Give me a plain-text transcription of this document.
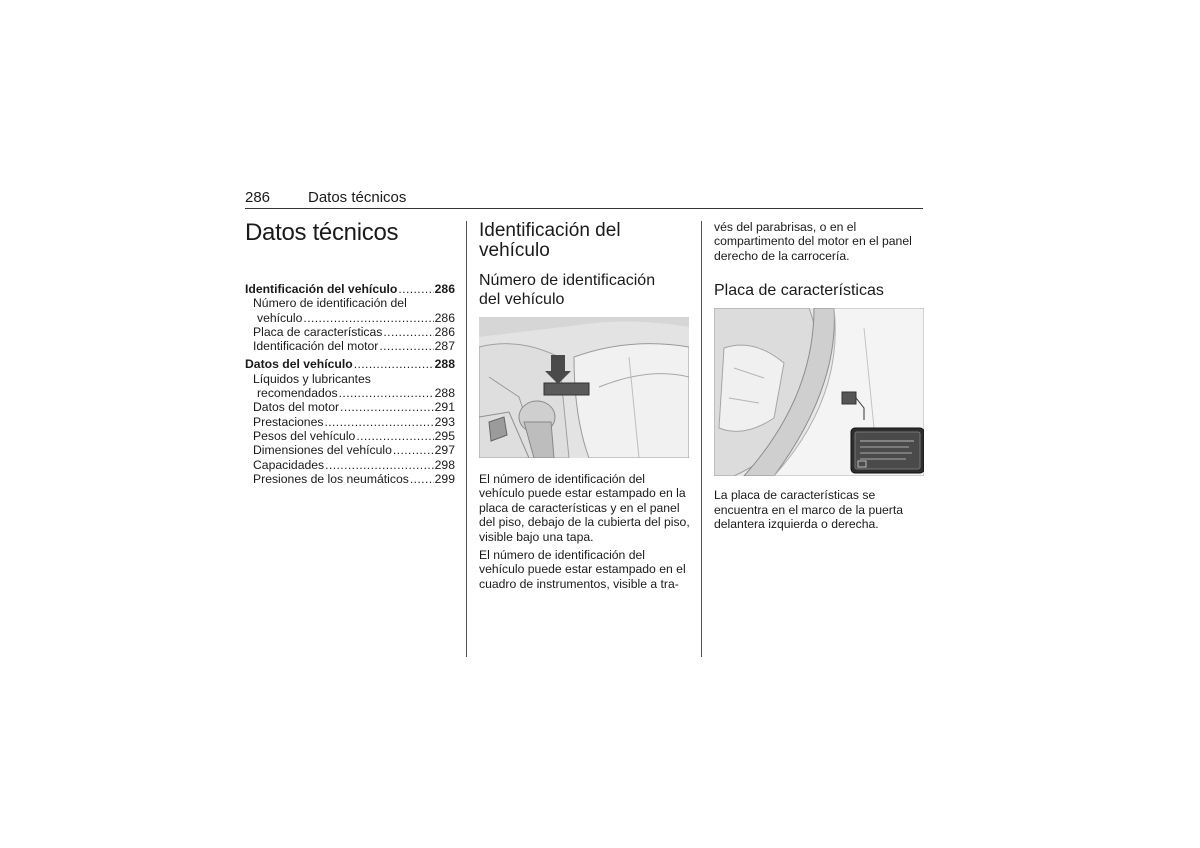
286	Datos técnicos
Datos técnicos
Identificación del vehículo .....	286
Número de identificación del
vehículo .....	286
Placa de características .....	286
Identificación del motor .....	287
Datos del vehículo .....	288
Líquidos y lubricantes
recomendados .....	288
Datos del motor .....	291
Prestaciones .....	293
Pesos del vehículo .....	295
Dimensiones del vehículo .....	297
Capacidades .....	298
Presiones de los neumáticos ..... 299
Identificación del vehículo
Número de identificación del vehículo

El número de identificación del vehículo puede estar estampado en la placa de características y en el panel del piso, debajo de la cubierta del piso, visible bajo una tapa.

El número de identificación del vehículo puede estar estampado en el cuadro de instrumentos, visible a tra-

vés del parabrisas, o en el compartimento del motor en el panel derecho de la carrocería.

Placa de características

La placa de características se encuentra en el marco de la puerta delantera izquierda o derecha.
